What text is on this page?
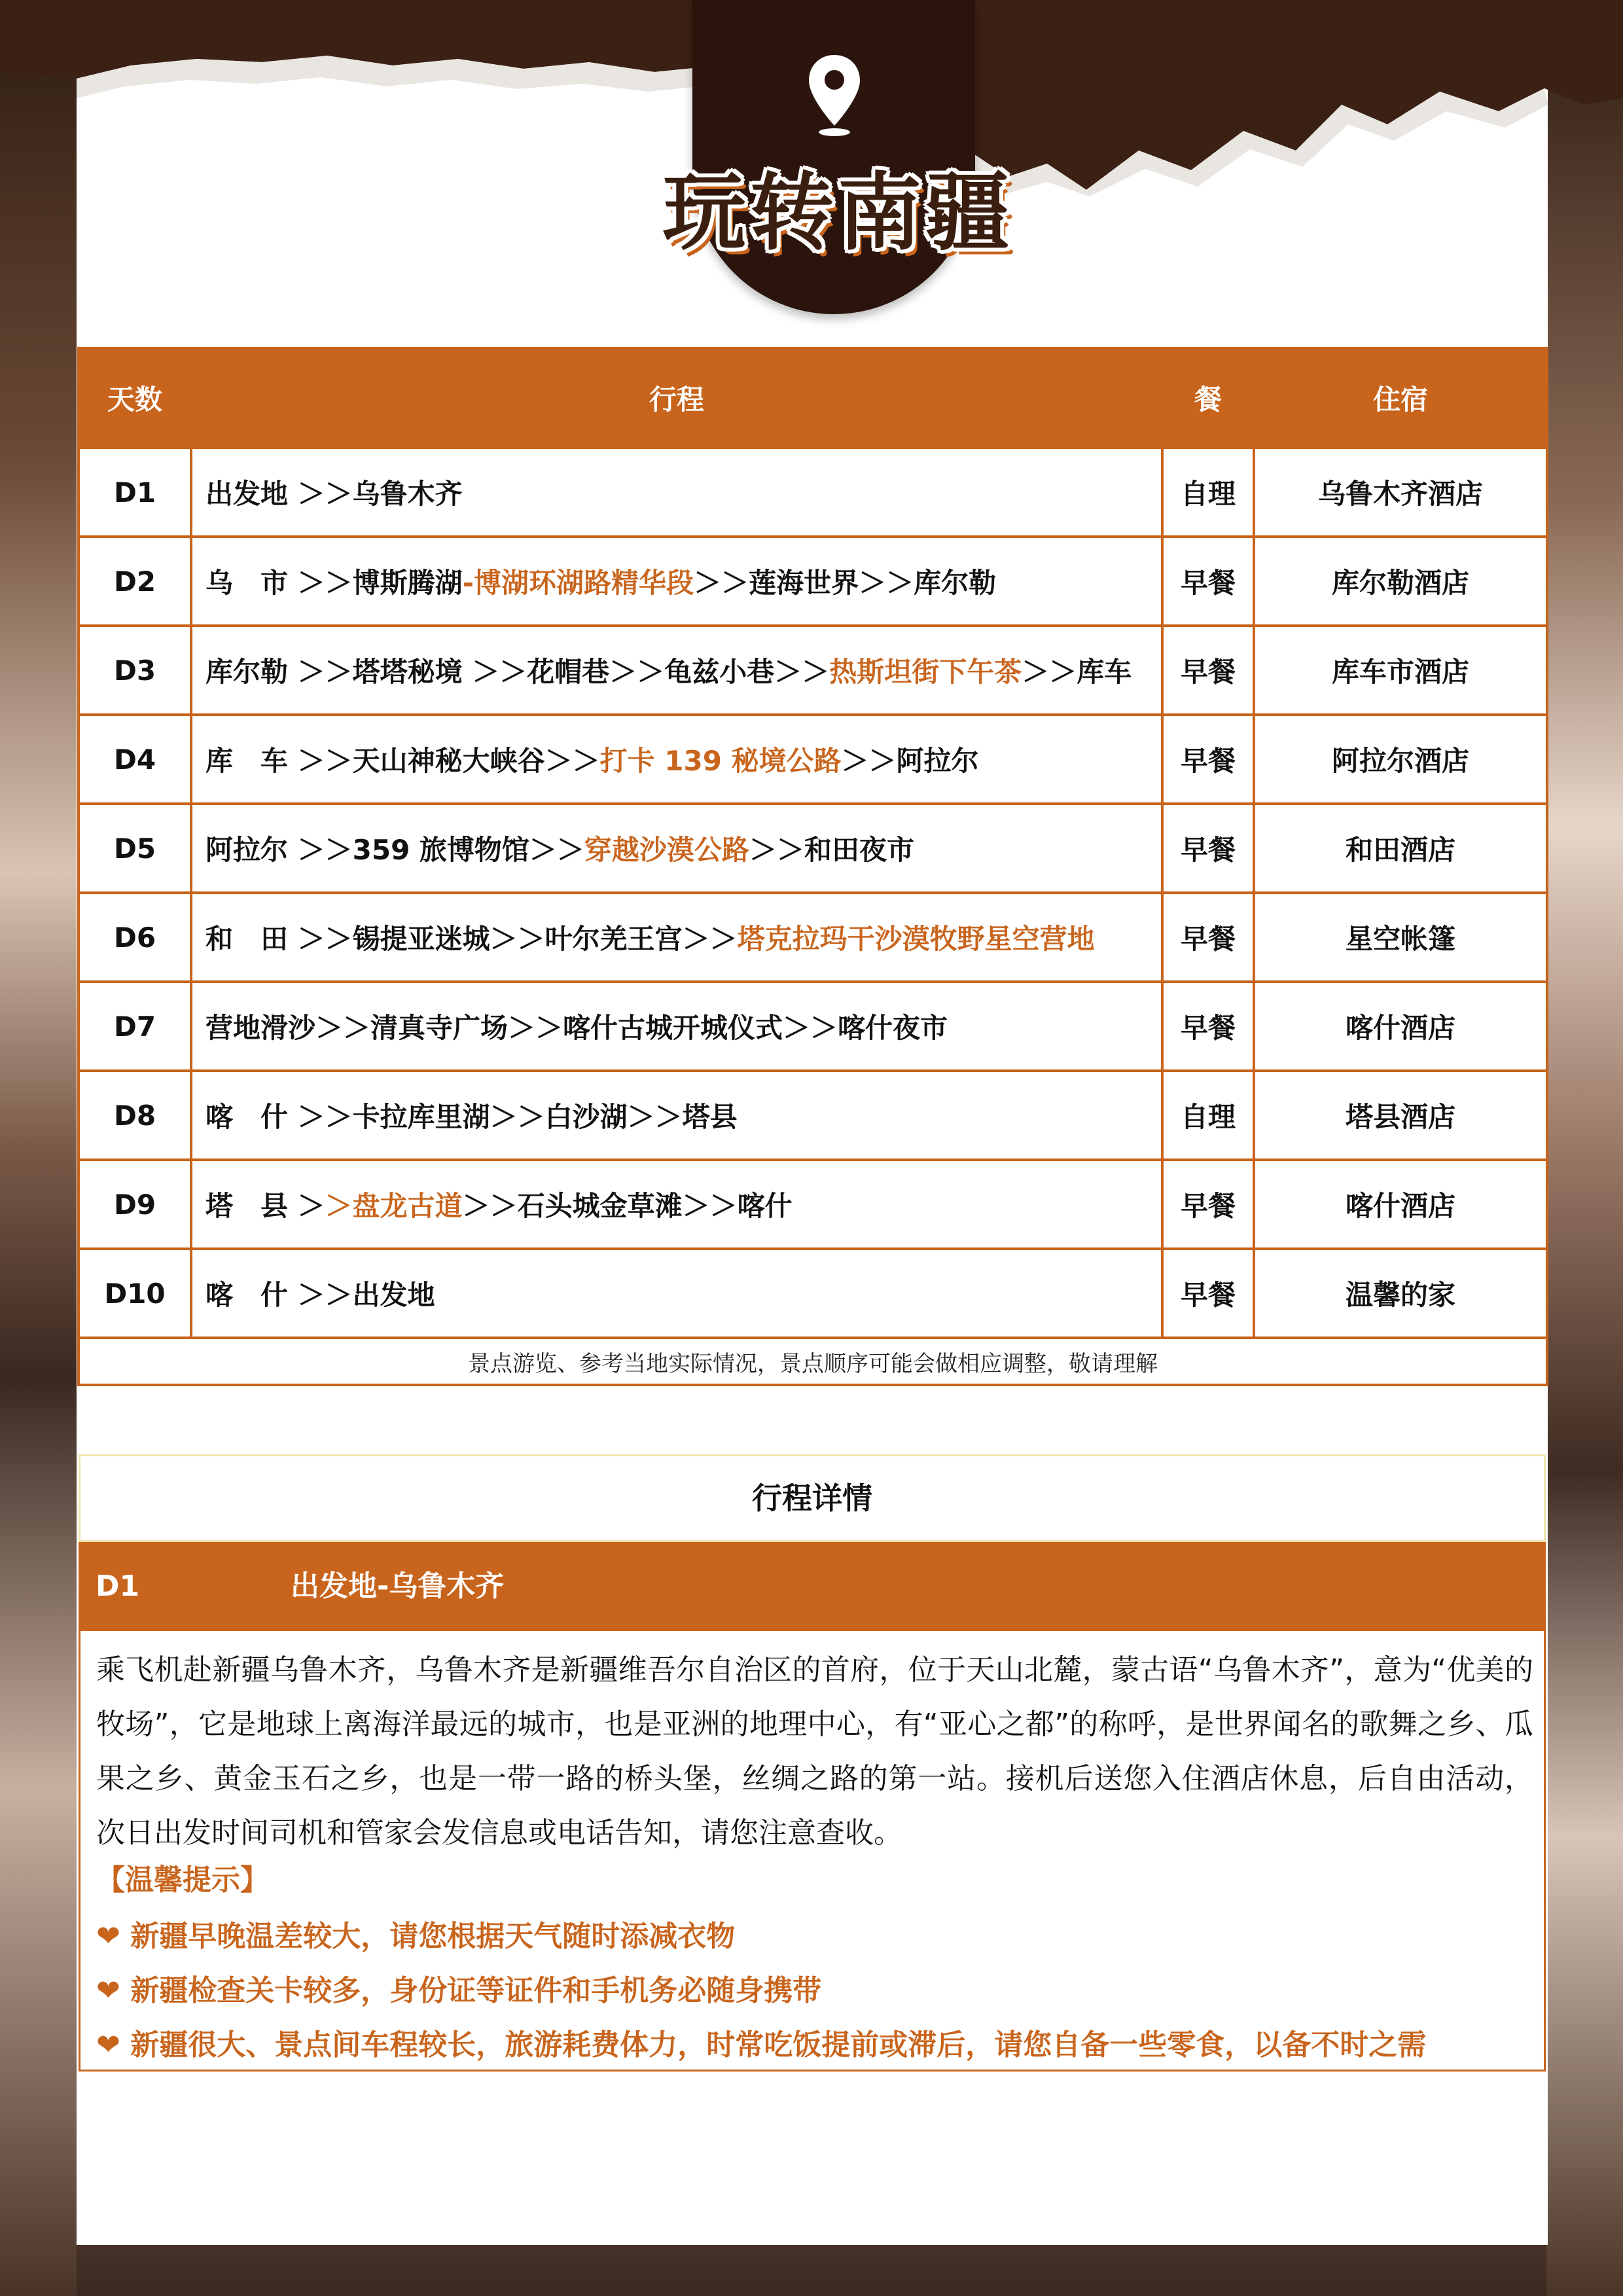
玩转南疆
天数	行程	餐	住宿
D1	出发地 ＞＞乌鲁木齐	自理	乌鲁木齐酒店
D2	乌　市 ＞＞博斯腾湖-博湖环湖路精华段＞＞莲海世界＞＞库尔勒	早餐	库尔勒酒店
D3	库尔勒 ＞＞塔塔秘境 ＞＞花帽巷＞＞龟兹小巷＞＞热斯坦街下午茶＞＞库车	早餐	库车市酒店
D4	库　车 ＞＞天山神秘大峡谷＞＞打卡 139 秘境公路＞＞阿拉尔	早餐	阿拉尔酒店
D5	阿拉尔 ＞＞359 旅博物馆＞＞穿越沙漠公路＞＞和田夜市	早餐	和田酒店
D6	和　田 ＞＞锡提亚迷城＞＞叶尔羌王宫＞＞塔克拉玛干沙漠牧野星空营地	早餐	星空帐篷
D7	营地滑沙＞＞清真寺广场＞＞喀什古城开城仪式＞＞喀什夜市	早餐	喀什酒店
D8	喀　什 ＞＞卡拉库里湖＞＞白沙湖＞＞塔县	自理	塔县酒店
D9	塔　县 ＞＞盘龙古道＞＞石头城金草滩＞＞喀什	早餐	喀什酒店
D10	喀　什 ＞＞出发地	早餐	温馨的家
景点游览、参考当地实际情况，景点顺序可能会做相应调整，敬请理解			
行程详情
D1	出发地-乌鲁木齐
乘飞机赴新疆乌鲁木齐，乌鲁木齐是新疆维吾尔自治区的首府，位于天山北麓，蒙古语“乌鲁木齐”，意为“优美的牧场”，它是地球上离海洋最远的城市，也是亚洲的地理中心，有“亚心之都”的称呼，是世界闻名的歌舞之乡、瓜果之乡、黄金玉石之乡，也是一带一路的桥头堡，丝绸之路的第一站。接机后送您入住酒店休息，后自由活动，次日出发时间司机和管家会发信息或电话告知，请您注意查收。
【温馨提示】
❤ 新疆早晚温差较大，请您根据天气随时添减衣物
❤ 新疆检查关卡较多，身份证等证件和手机务必随身携带
❤ 新疆很大、景点间车程较长，旅游耗费体力，时常吃饭提前或滞后，请您自备一些零食，以备不时之需
